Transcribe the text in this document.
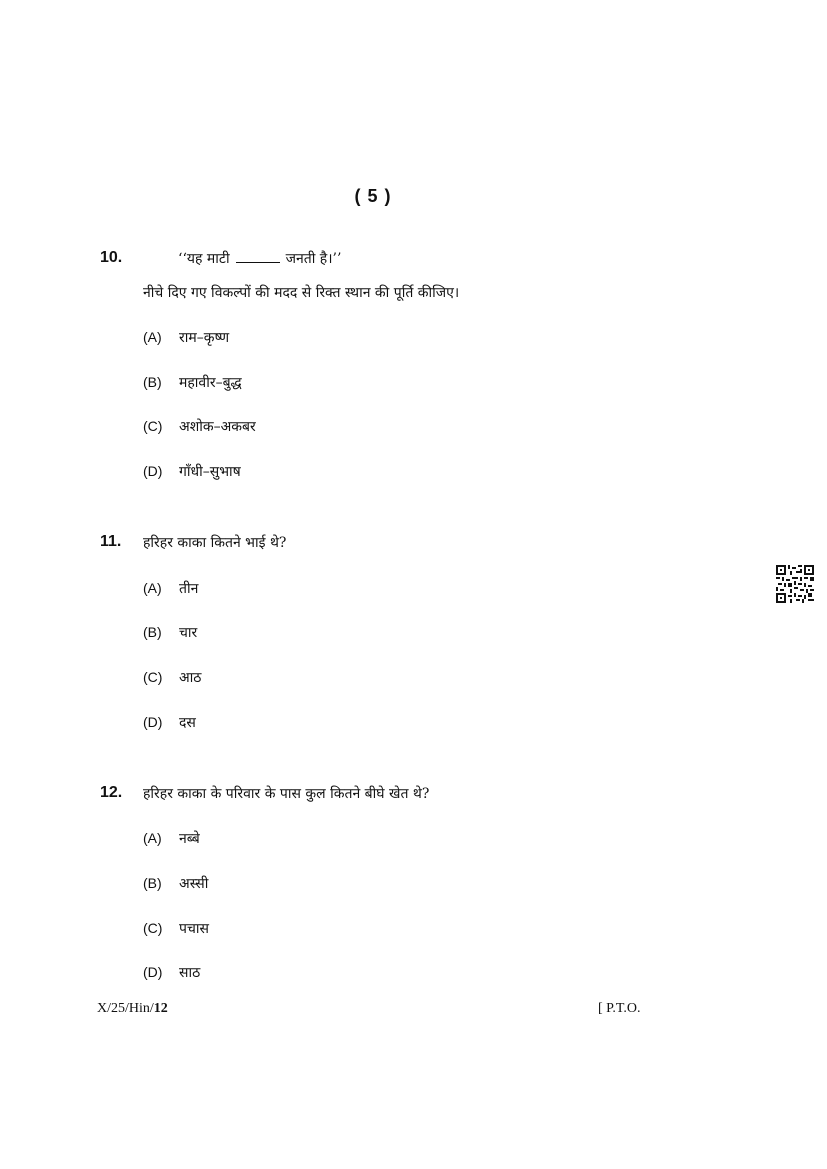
( 5 )
10.	‘‘यह माटी	जनती है।’’
नीचे दिए गए विकल्पों की मदद से रिक्त स्थान की पूर्ति कीजिए।
(A) राम–कृष्ण
(B) महावीर–बुद्ध
(C) अशोक–अकबर
(D) गाँधी–सुभाष
11. हरिहर काका कितने भाई थे?
(A) तीन
(B) चार
(C) आठ
(D) दस
12. हरिहर काका के परिवार के पास कुल कितने बीघे खेत थे?
(A) नब्बे
(B) अस्सी
(C) पचास
(D) साठ
X/25/Hin/12	[ P.T.O.
